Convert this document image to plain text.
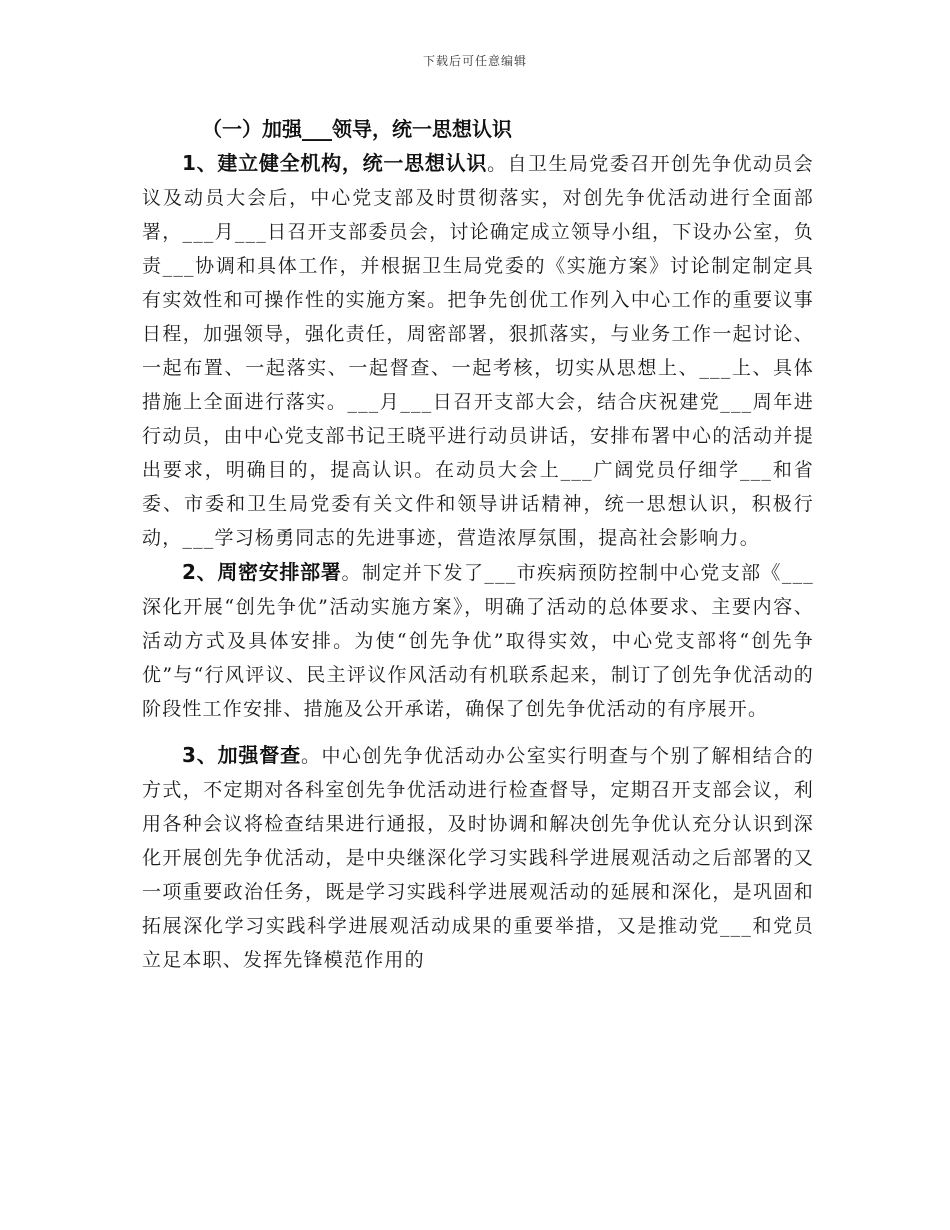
下载后可任意编辑
（一）加强___领导，统一思想认识

1、建立健全机构，统一思想认识。自卫生局党委召开创先争优动员会议及动员大会后，中心党支部及时贯彻落实，对创先争优活动进行全面部署，___月___日召开支部委员会，讨论确定成立领导小组，下设办公室，负责___协调和具体工作，并根据卫生局党委的《实施方案》讨论制定制定具有实效性和可操作性的实施方案。把争先创优工作列入中心工作的重要议事日程，加强领导，强化责任，周密部署，狠抓落实，与业务工作一起讨论、一起布置、一起落实、一起督查、一起考核，切实从思想上、___上、具体措施上全面进行落实。___月___日召开支部大会，结合庆祝建党___周年进行动员，由中心党支部书记王晓平进行动员讲话，安排布署中心的活动并提出要求，明确目的，提高认识。在动员大会上___广阔党员仔细学___和省委、市委和卫生局党委有关文件和领导讲话精神，统一思想认识，积极行动，___学习杨勇同志的先进事迹，营造浓厚氛围，提高社会影响力。

2、周密安排部署。制定并下发了___市疾病预防控制中心党支部《___深化开展“创先争优”活动实施方案》，明确了活动的总体要求、主要内容、活动方式及具体安排。为使“创先争优”取得实效，中心党支部将“创先争优”与“行风评议、民主评议作风活动有机联系起来，制订了创先争优活动的阶段性工作安排、措施及公开承诺，确保了创先争优活动的有序展开。

3、加强督查。中心创先争优活动办公室实行明查与个别了解相结合的方式，不定期对各科室创先争优活动进行检查督导，定期召开支部会议，利用各种会议将检查结果进行通报，及时协调和解决创先争优认充分认识到深化开展创先争优活动，是中央继深化学习实践科学进展观活动之后部署的又一项重要政治任务，既是学习实践科学进展观活动的延展和深化，是巩固和拓展深化学习实践科学进展观活动成果的重要举措，又是推动党___和党员立足本职、发挥先锋模范作用的
